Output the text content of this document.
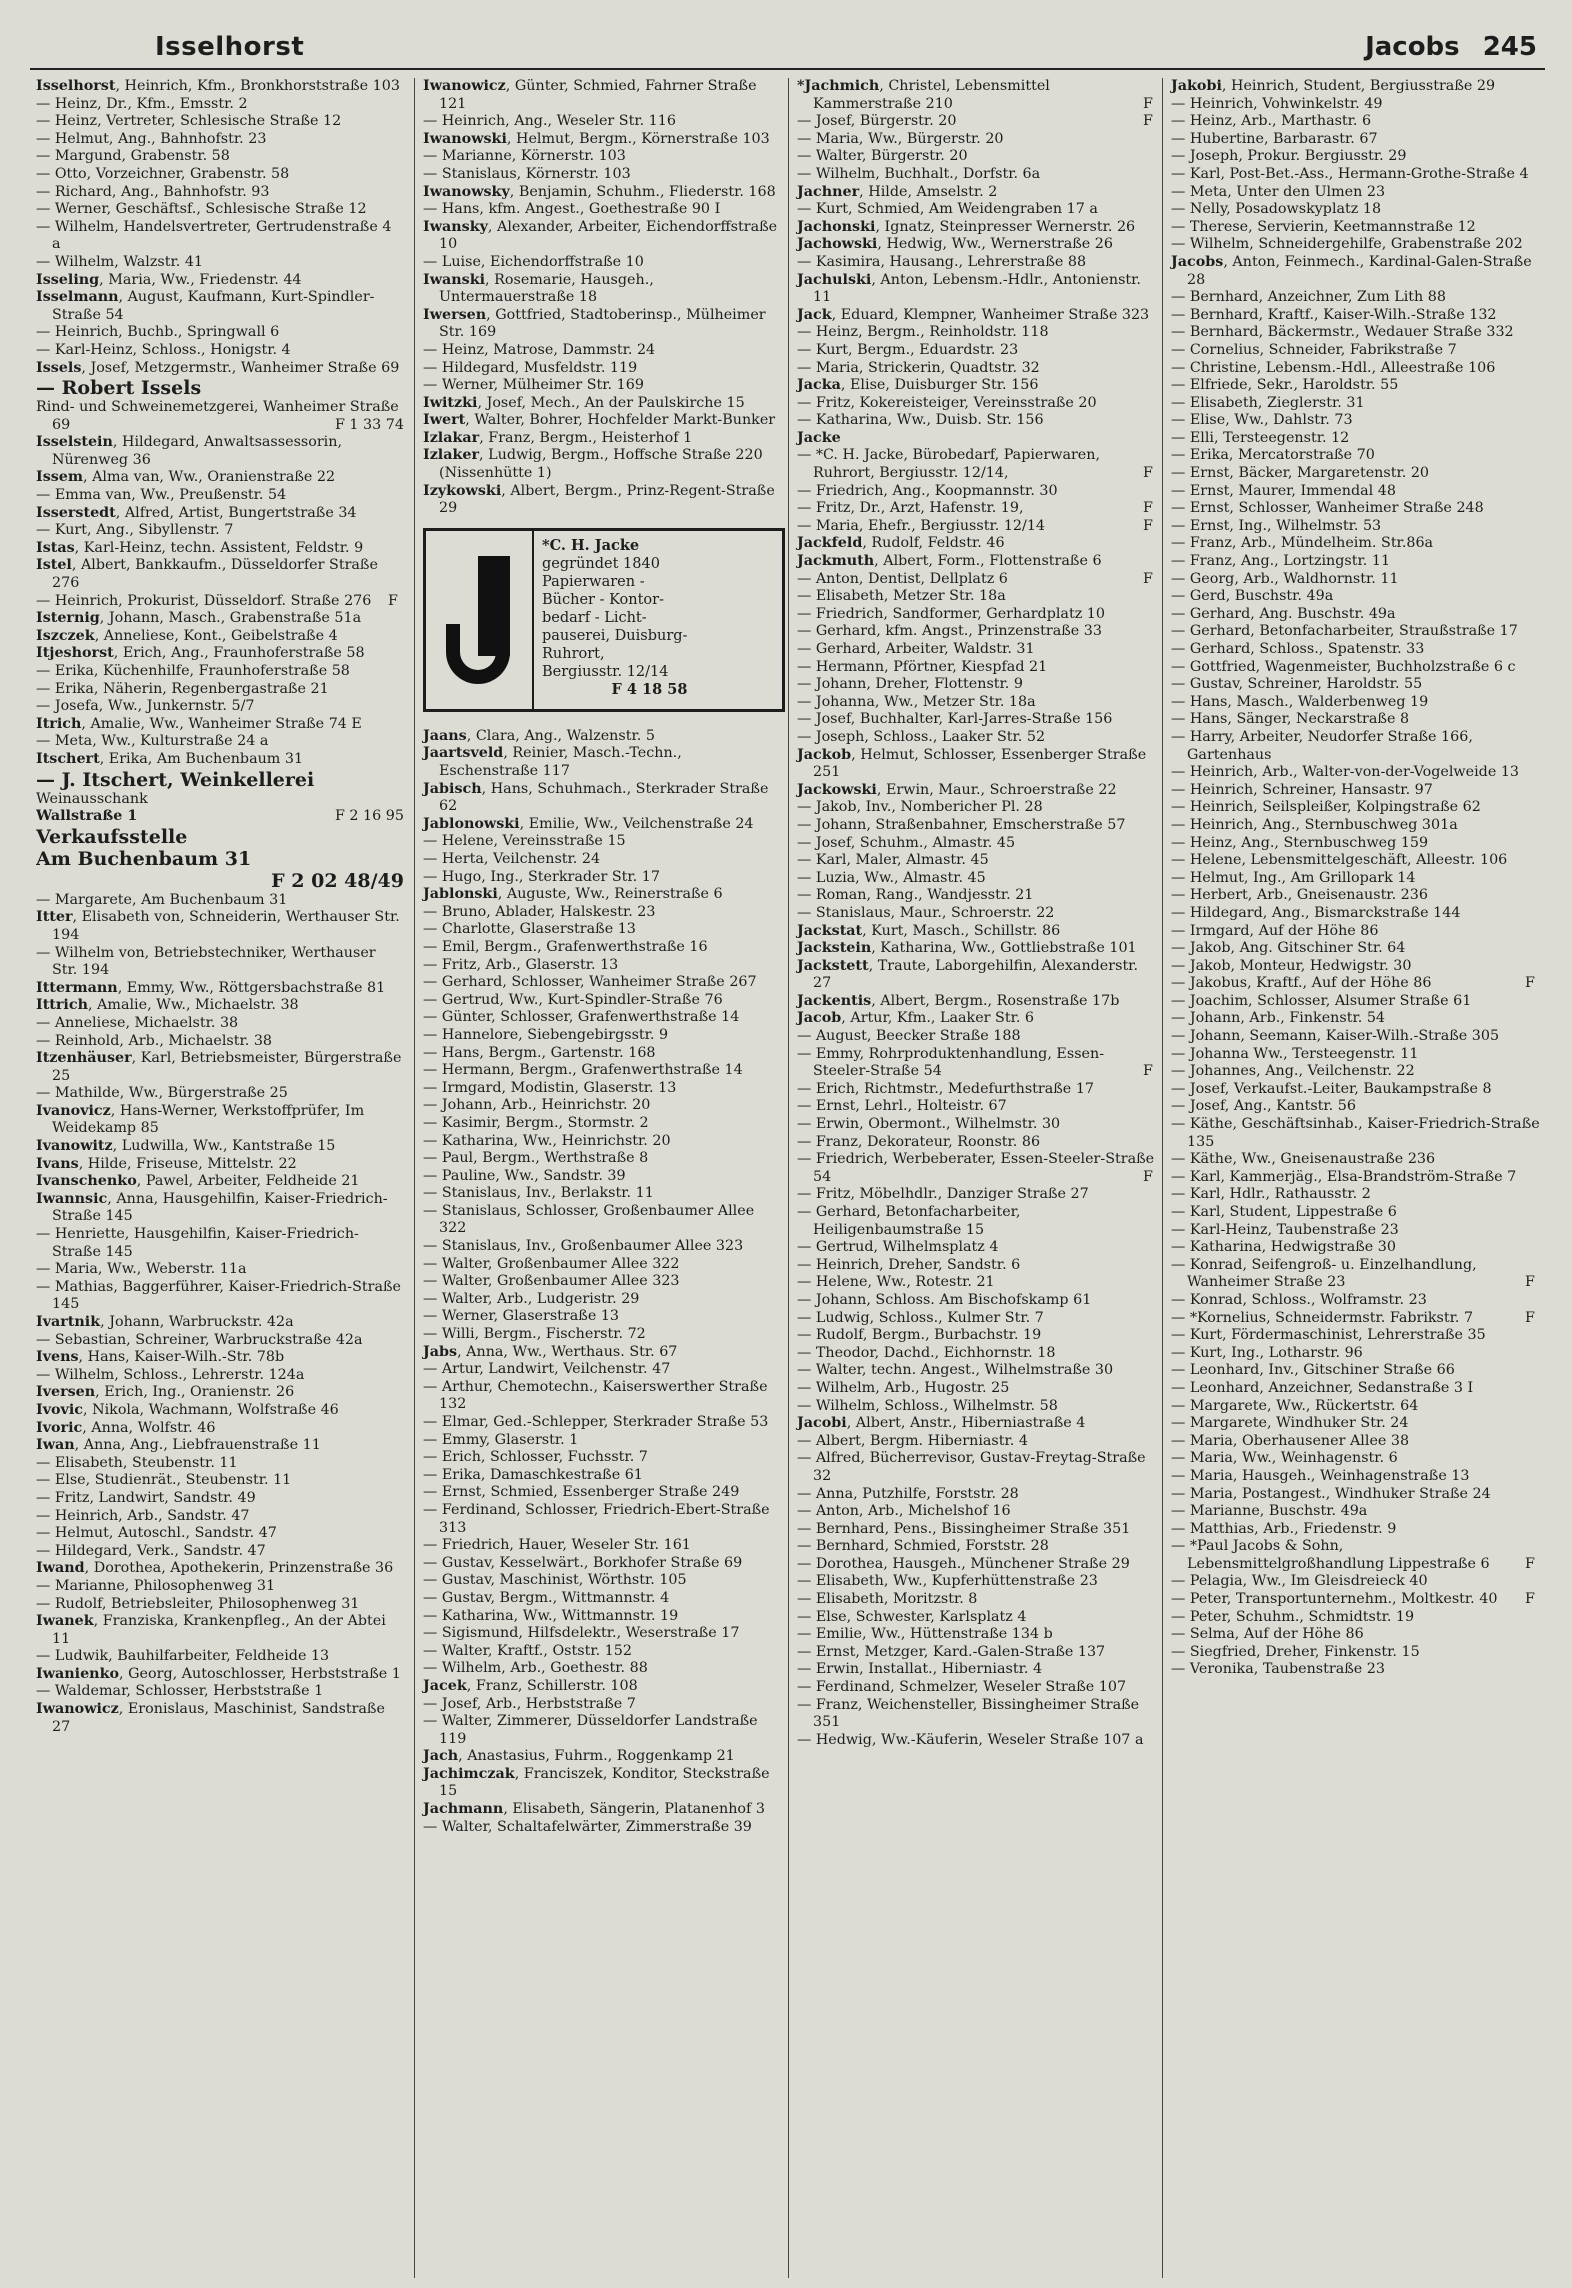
Isselhorst	Jacobs 245

Isselhorst, Heinrich, Kfm., Bronkhorststraße 103

— Heinz, Dr., Kfm., Emsstr. 2

— Heinz, Vertreter, Schlesische Straße 12

— Helmut, Ang., Bahnhofstr. 23

— Margund, Grabenstr. 58

— Otto, Vorzeichner, Grabenstr. 58

— Richard, Ang., Bahnhofstr. 93

— Werner, Geschäftsf., Schlesische Straße 12

— Wilhelm, Handelsvertreter, Gertrudenstraße 4 a

— Wilhelm, Walzstr. 41

Isseling, Maria, Ww., Friedenstr. 44

Isselmann, August, Kaufmann, Kurt-Spindler-Straße 54

— Heinrich, Buchb., Springwall 6

— Karl-Heinz, Schloss., Honigstr. 4

Issels, Josef, Metzgermstr., Wanheimer Straße 69

— Robert Issels

Rind- und Schweinemetzgerei, Wanheimer Straße 69	F 1 33 74

Isselstein, Hildegard, Anwaltsassessorin, Nürenweg 36

Issem, Alma van, Ww., Oranienstraße 22

— Emma van, Ww., Preußenstr. 54

Isserstedt, Alfred, Artist, Bungertstraße 34

— Kurt, Ang., Sibyllenstr. 7

Istas, Karl-Heinz, techn. Assistent, Feldstr. 9

Istel, Albert, Bankkaufm., Düsseldorfer Straße 276

— Heinrich, Prokurist, Düsseldorf. Straße 276 F

Isternig, Johann, Masch., Grabenstraße 51a

Iszczek, Anneliese, Kont., Geibelstraße 4

Itjeshorst, Erich, Ang., Fraunhoferstraße 58

— Erika, Küchenhilfe, Fraunhoferstraße 58

— Erika, Näherin, Regenbergastraße 21

— Josefa, Ww., Junkernstr. 5/7

Itrich, Amalie, Ww., Wanheimer Straße 74 E

— Meta, Ww., Kulturstraße 24 a

Itschert, Erika, Am Buchenbaum 31

— J. Itschert, Weinkellerei

Weinausschank

Wallstraße 1	F 2 16 95

Verkaufsstelle

Am Buchenbaum 31

F 2 02 48/49

— Margarete, Am Buchenbaum 31

Itter, Elisabeth von, Schneiderin, Werthauser Str. 194

— Wilhelm von, Betriebstechniker, Werthauser Str. 194

Ittermann, Emmy, Ww., Röttgersbachstraße 81

Ittrich, Amalie, Ww., Michaelstr. 38

— Anneliese, Michaelstr. 38

— Reinhold, Arb., Michaelstr. 38

Itzenhäuser, Karl, Betriebsmeister, Bürgerstraße 25

— Mathilde, Ww., Bürgerstraße 25

Ivanovicz, Hans-Werner, Werkstoffprüfer, Im Weidekamp 85

Ivanowitz, Ludwilla, Ww., Kantstraße 15

Ivans, Hilde, Friseuse, Mittelstr. 22

Ivanschenko, Pawel, Arbeiter, Feldheide 21

Iwannsic, Anna, Hausgehilfin, Kaiser-Friedrich-Straße 145

— Henriette, Hausgehilfin, Kaiser-Friedrich-Straße 145

— Maria, Ww., Weberstr. 11a

— Mathias, Baggerführer, Kaiser-Friedrich-Straße 145

Ivartnik, Johann, Warbruckstr. 42a

— Sebastian, Schreiner, Warbruckstraße 42a

Ivens, Hans, Kaiser-Wilh.-Str. 78b

— Wilhelm, Schloss., Lehrerstr. 124a

Iversen, Erich, Ing., Oranienstr. 26

Ivovic, Nikola, Wachmann, Wolfstraße 46

Ivoric, Anna, Wolfstr. 46

Iwan, Anna, Ang., Liebfrauenstraße 11

— Elisabeth, Steubenstr. 11

— Else, Studienrät., Steubenstr. 11

— Fritz, Landwirt, Sandstr. 49

— Heinrich, Arb., Sandstr. 47

— Helmut, Autoschl., Sandstr. 47

— Hildegard, Verk., Sandstr. 47

Iwand, Dorothea, Apothekerin, Prinzenstraße 36

— Marianne, Philosophenweg 31

— Rudolf, Betriebsleiter, Philosophenweg 31

Iwanek, Franziska, Krankenpfleg., An der Abtei 11

— Ludwik, Bauhilfarbeiter, Feldheide 13

Iwanienko, Georg, Autoschlosser, Herbststraße 1

— Waldemar, Schlosser, Herbststraße 1

Iwanowicz, Eronislaus, Maschinist, Sandstraße 27

Iwanowicz, Günter, Schmied, Fahrner Straße 121

— Heinrich, Ang., Weseler Str. 116

Iwanowski, Helmut, Bergm., Körnerstraße 103

— Marianne, Körnerstr. 103

— Stanislaus, Körnerstr. 103

Iwanowsky, Benjamin, Schuhm., Fliederstr. 168

— Hans, kfm. Angest., Goethestraße 90 I

Iwansky, Alexander, Arbeiter, Eichendorffstraße 10

— Luise, Eichendorffstraße 10

Iwanski, Rosemarie, Hausgeh., Untermauerstraße 18

Iwersen, Gottfried, Stadtoberinsp., Mülheimer Str. 169

— Heinz, Matrose, Dammstr. 24

— Hildegard, Musfeldstr. 119

— Werner, Mülheimer Str. 169

Iwitzki, Josef, Mech., An der Paulskirche 15

Iwert, Walter, Bohrer, Hochfelder Markt-Bunker

Izlakar, Franz, Bergm., Heisterhof 1

Izlaker, Ludwig, Bergm., Hoffsche Straße 220 (Nissenhütte 1)

Izykowski, Albert, Bergm., Prinz-Regent-Straße 29

*C. H. Jacke
gegründet 1840
Papierwaren -
Bücher - Kontor-
bedarf - Licht-
pauserei, Duisburg-
Ruhrort,
Bergiusstr. 12/14
F 4 18 58

Jaans, Clara, Ang., Walzenstr. 5

Jaartsveld, Reinier, Masch.-Techn., Eschenstraße 117

Jabisch, Hans, Schuhmach., Sterkrader Straße 62

Jablonowski, Emilie, Ww., Veilchenstraße 24

— Helene, Vereinsstraße 15

— Herta, Veilchenstr. 24

— Hugo, Ing., Sterkrader Str. 17

Jablonski, Auguste, Ww., Reinerstraße 6

— Bruno, Ablader, Halskestr. 23

— Charlotte, Glaserstraße 13

— Emil, Bergm., Grafenwerthstraße 16

— Fritz, Arb., Glaserstr. 13

— Gerhard, Schlosser, Wanheimer Straße 267

— Gertrud, Ww., Kurt-Spindler-Straße 76

— Günter, Schlosser, Grafenwerthstraße 14

— Hannelore, Siebengebirgsstr. 9

— Hans, Bergm., Gartenstr. 168

— Hermann, Bergm., Grafenwerthstraße 14

— Irmgard, Modistin, Glaserstr. 13

— Johann, Arb., Heinrichstr. 20

— Kasimir, Bergm., Stormstr. 2

— Katharina, Ww., Heinrichstr. 20

— Paul, Bergm., Werthstraße 8

— Pauline, Ww., Sandstr. 39

— Stanislaus, Inv., Berlakstr. 11

— Stanislaus, Schlosser, Großenbaumer Allee 322

— Stanislaus, Inv., Großenbaumer Allee 323

— Walter, Großenbaumer Allee 322

— Walter, Großenbaumer Allee 323

— Walter, Arb., Ludgeristr. 29

— Werner, Glaserstraße 13

— Willi, Bergm., Fischerstr. 72

Jabs, Anna, Ww., Werthaus. Str. 67

— Artur, Landwirt, Veilchenstr. 47

— Arthur, Chemotechn., Kaiserswerther Straße 132

— Elmar, Ged.-Schlepper, Sterkrader Straße 53

— Emmy, Glaserstr. 1

— Erich, Schlosser, Fuchsstr. 7

— Erika, Damaschkestraße 61

— Ernst, Schmied, Essenberger Straße 249

— Ferdinand, Schlosser, Friedrich-Ebert-Straße 313

— Friedrich, Hauer, Weseler Str. 161

— Gustav, Kesselwärt., Borkhofer Straße 69

— Gustav, Maschinist, Wörthstr. 105

— Gustav, Bergm., Wittmannstr. 4

— Katharina, Ww., Wittmannstr. 19

— Sigismund, Hilfsdelektr., Weserstraße 17

— Walter, Kraftf., Oststr. 152

— Wilhelm, Arb., Goethestr. 88

Jacek, Franz, Schillerstr. 108

— Josef, Arb., Herbststraße 7

— Walter, Zimmerer, Düsseldorfer Landstraße 119

Jach, Anastasius, Fuhrm., Roggenkamp 21

Jachimczak, Franciszek, Konditor, Steckstraße 15

Jachmann, Elisabeth, Sängerin, Platanenhof 3

— Walter, Schaltafelwärter, Zimmerstraße 39

*Jachmich, Christel, Lebensmittel Kammerstraße 210	F

— Josef, Bürgerstr. 20	F

— Maria, Ww., Bürgerstr. 20

— Walter, Bürgerstr. 20

— Wilhelm, Buchhalt., Dorfstr. 6a

Jachner, Hilde, Amselstr. 2

— Kurt, Schmied, Am Weidengraben 17 a

Jachonski, Ignatz, Steinpresser Wernerstr. 26

Jachowski, Hedwig, Ww., Wernerstraße 26

— Kasimira, Hausang., Lehrerstraße 88

Jachulski, Anton, Lebensm.-Hdlr., Antonienstr. 11

Jack, Eduard, Klempner, Wanheimer Straße 323

— Heinz, Bergm., Reinholdstr. 118

— Kurt, Bergm., Eduardstr. 23

— Maria, Strickerin, Quadtstr. 32

Jacka, Elise, Duisburger Str. 156

— Fritz, Kokereisteiger, Vereinsstraße 20

— Katharina, Ww., Duisb. Str. 156

Jacke

— *C. H. Jacke, Bürobedarf, Papierwaren, Ruhrort, Bergiusstr. 12/14,	F

— Friedrich, Ang., Koopmannstr. 30

— Fritz, Dr., Arzt, Hafenstr. 19,	F

— Maria, Ehefr., Bergiusstr. 12/14	F

Jackfeld, Rudolf, Feldstr. 46

Jackmuth, Albert, Form., Flottenstraße 6

— Anton, Dentist, Dellplatz 6	F

— Elisabeth, Metzer Str. 18a

— Friedrich, Sandformer, Gerhardplatz 10

— Gerhard, kfm. Angst., Prinzenstraße 33

— Gerhard, Arbeiter, Waldstr. 31

— Hermann, Pförtner, Kiespfad 21

— Johann, Dreher, Flottenstr. 9

— Johanna, Ww., Metzer Str. 18a

— Josef, Buchhalter, Karl-Jarres-Straße 156

— Joseph, Schloss., Laaker Str. 52

Jackob, Helmut, Schlosser, Essenberger Straße 251

Jackowski, Erwin, Maur., Schroerstraße 22

— Jakob, Inv., Nombericher Pl. 28

— Johann, Straßenbahner, Emscherstraße 57

— Josef, Schuhm., Almastr. 45

— Karl, Maler, Almastr. 45

— Luzia, Ww., Almastr. 45

— Roman, Rang., Wandjesstr. 21

— Stanislaus, Maur., Schroerstr. 22

Jackstat, Kurt, Masch., Schillstr. 86

Jackstein, Katharina, Ww., Gottliebstraße 101

Jackstett, Traute, Laborgehilfin, Alexanderstr. 27

Jackentis, Albert, Bergm., Rosenstraße 17b

Jacob, Artur, Kfm., Laaker Str. 6

— August, Beecker Straße 188

— Emmy, Rohrproduktenhandlung, Essen-Steeler-Straße 54	F

— Erich, Richtmstr., Medefurthstraße 17

— Ernst, Lehrl., Holteistr. 67

— Erwin, Obermont., Wilhelmstr. 30

— Franz, Dekorateur, Roonstr. 86

— Friedrich, Werbeberater, Essen-Steeler-Straße 54	F

— Fritz, Möbelhdlr., Danziger Straße 27

— Gerhard, Betonfacharbeiter, Heiligenbaumstraße 15

— Gertrud, Wilhelmsplatz 4

— Heinrich, Dreher, Sandstr. 6

— Helene, Ww., Rotestr. 21

— Johann, Schloss. Am Bischofskamp 61

— Ludwig, Schloss., Kulmer Str. 7

— Rudolf, Bergm., Burbachstr. 19

— Theodor, Dachd., Eichhornstr. 18

— Walter, techn. Angest., Wilhelmstraße 30

— Wilhelm, Arb., Hugostr. 25

— Wilhelm, Schloss., Wilhelmstr. 58

Jacobi, Albert, Anstr., Hiberniastraße 4

— Albert, Bergm. Hiberniastr. 4

— Alfred, Bücherrevisor, Gustav-Freytag-Straße 32

— Anna, Putzhilfe, Forststr. 28

— Anton, Arb., Michelshof 16

— Bernhard, Pens., Bissingheimer Straße 351

— Bernhard, Schmied, Forststr. 28

— Dorothea, Hausgeh., Münchener Straße 29

— Elisabeth, Ww., Kupferhüttenstraße 23

— Elisabeth, Moritzstr. 8

— Else, Schwester, Karlsplatz 4

— Emilie, Ww., Hüttenstraße 134 b

— Ernst, Metzger, Kard.-Galen-Straße 137

— Erwin, Installat., Hiberniastr. 4

— Ferdinand, Schmelzer, Weseler Straße 107

— Franz, Weichensteller, Bissingheimer Straße 351

— Hedwig, Ww.-Käuferin, Weseler Straße 107 a

Jakobi, Heinrich, Student, Bergiusstraße 29

— Heinrich, Vohwinkelstr. 49

— Heinz, Arb., Marthastr. 6

— Hubertine, Barbarastr. 67

— Joseph, Prokur. Bergiusstr. 29

— Karl, Post-Bet.-Ass., Hermann-Grothe-Straße 4

— Meta, Unter den Ulmen 23

— Nelly, Posadowskyplatz 18

— Therese, Servierin, Keetmannstraße 12

— Wilhelm, Schneidergehilfe, Grabenstraße 202

Jacobs, Anton, Feinmech., Kardinal-Galen-Straße 28

— Bernhard, Anzeichner, Zum Lith 88

— Bernhard, Kraftf., Kaiser-Wilh.-Straße 132

— Bernhard, Bäckermstr., Wedauer Straße 332

— Cornelius, Schneider, Fabrikstraße 7

— Christine, Lebensm.-Hdl., Alleestraße 106

— Elfriede, Sekr., Haroldstr. 55

— Elisabeth, Zieglerstr. 31

— Elise, Ww., Dahlstr. 73

— Elli, Tersteegenstr. 12

— Erika, Mercatorstraße 70

— Ernst, Bäcker, Margaretenstr. 20

— Ernst, Maurer, Immendal 48

— Ernst, Schlosser, Wanheimer Straße 248

— Ernst, Ing., Wilhelmstr. 53

— Franz, Arb., Mündelheim. Str.86a

— Franz, Ang., Lortzingstr. 11

— Georg, Arb., Waldhornstr. 11

— Gerd, Buschstr. 49a

— Gerhard, Ang. Buschstr. 49a

— Gerhard, Betonfacharbeiter, Straußstraße 17

— Gerhard, Schloss., Spatenstr. 33

— Gottfried, Wagenmeister, Buchholzstraße 6 c

— Gustav, Schreiner, Haroldstr. 55

— Hans, Masch., Walderbenweg 19

— Hans, Sänger, Neckarstraße 8

— Harry, Arbeiter, Neudorfer Straße 166, Gartenhaus

— Heinrich, Arb., Walter-von-der-Vogelweide 13

— Heinrich, Schreiner, Hansastr. 97

— Heinrich, Seilspleißer, Kolpingstraße 62

— Heinrich, Ang., Sternbuschweg 301a

— Heinz, Ang., Sternbuschweg 159

— Helene, Lebensmittelgeschäft, Alleestr. 106

— Helmut, Ing., Am Grillopark 14

— Herbert, Arb., Gneisenaustr. 236

— Hildegard, Ang., Bismarckstraße 144

— Irmgard, Auf der Höhe 86

— Jakob, Ang. Gitschiner Str. 64

— Jakob, Monteur, Hedwigstr. 30

— Jakobus, Kraftf., Auf der Höhe 86	F

— Joachim, Schlosser, Alsumer Straße 61

— Johann, Arb., Finkenstr. 54

— Johann, Seemann, Kaiser-Wilh.-Straße 305

— Johanna Ww., Tersteegenstr. 11

— Johannes, Ang., Veilchenstr. 22

— Josef, Verkaufst.-Leiter, Baukampstraße 8

— Josef, Ang., Kantstr. 56

— Käthe, Geschäftsinhab., Kaiser-Friedrich-Straße 135

— Käthe, Ww., Gneisenaustraße 236

— Karl, Kammerjäg., Elsa-Brandström-Straße 7

— Karl, Hdlr., Rathausstr. 2

— Karl, Student, Lippestraße 6

— Karl-Heinz, Taubenstraße 23

— Katharina, Hedwigstraße 30

— Konrad, Seifengroß- u. Einzelhandlung, Wanheimer Straße 23	F

— Konrad, Schloss., Wolframstr. 23

— *Kornelius, Schneidermstr. Fabrikstr. 7	F

— Kurt, Fördermaschinist, Lehrerstraße 35

— Kurt, Ing., Lotharstr. 96

— Leonhard, Inv., Gitschiner Straße 66

— Leonhard, Anzeichner, Sedanstraße 3 I

— Margarete, Ww., Rückertstr. 64

— Margarete, Windhuker Str. 24

— Maria, Oberhausener Allee 38

— Maria, Ww., Weinhagenstr. 6

— Maria, Hausgeh., Weinhagenstraße 13

— Maria, Postangest., Windhuker Straße 24

— Marianne, Buschstr. 49a

— Matthias, Arb., Friedenstr. 9

— *Paul Jacobs & Sohn, Lebensmittelgroßhandlung Lippestraße 6 F

— Pelagia, Ww., Im Gleisdreieck 40

— Peter, Transportunternehm., Moltkestr. 40 F

— Peter, Schuhm., Schmidtstr. 19

— Selma, Auf der Höhe 86

— Siegfried, Dreher, Finkenstr. 15

— Veronika, Taubenstraße 23
